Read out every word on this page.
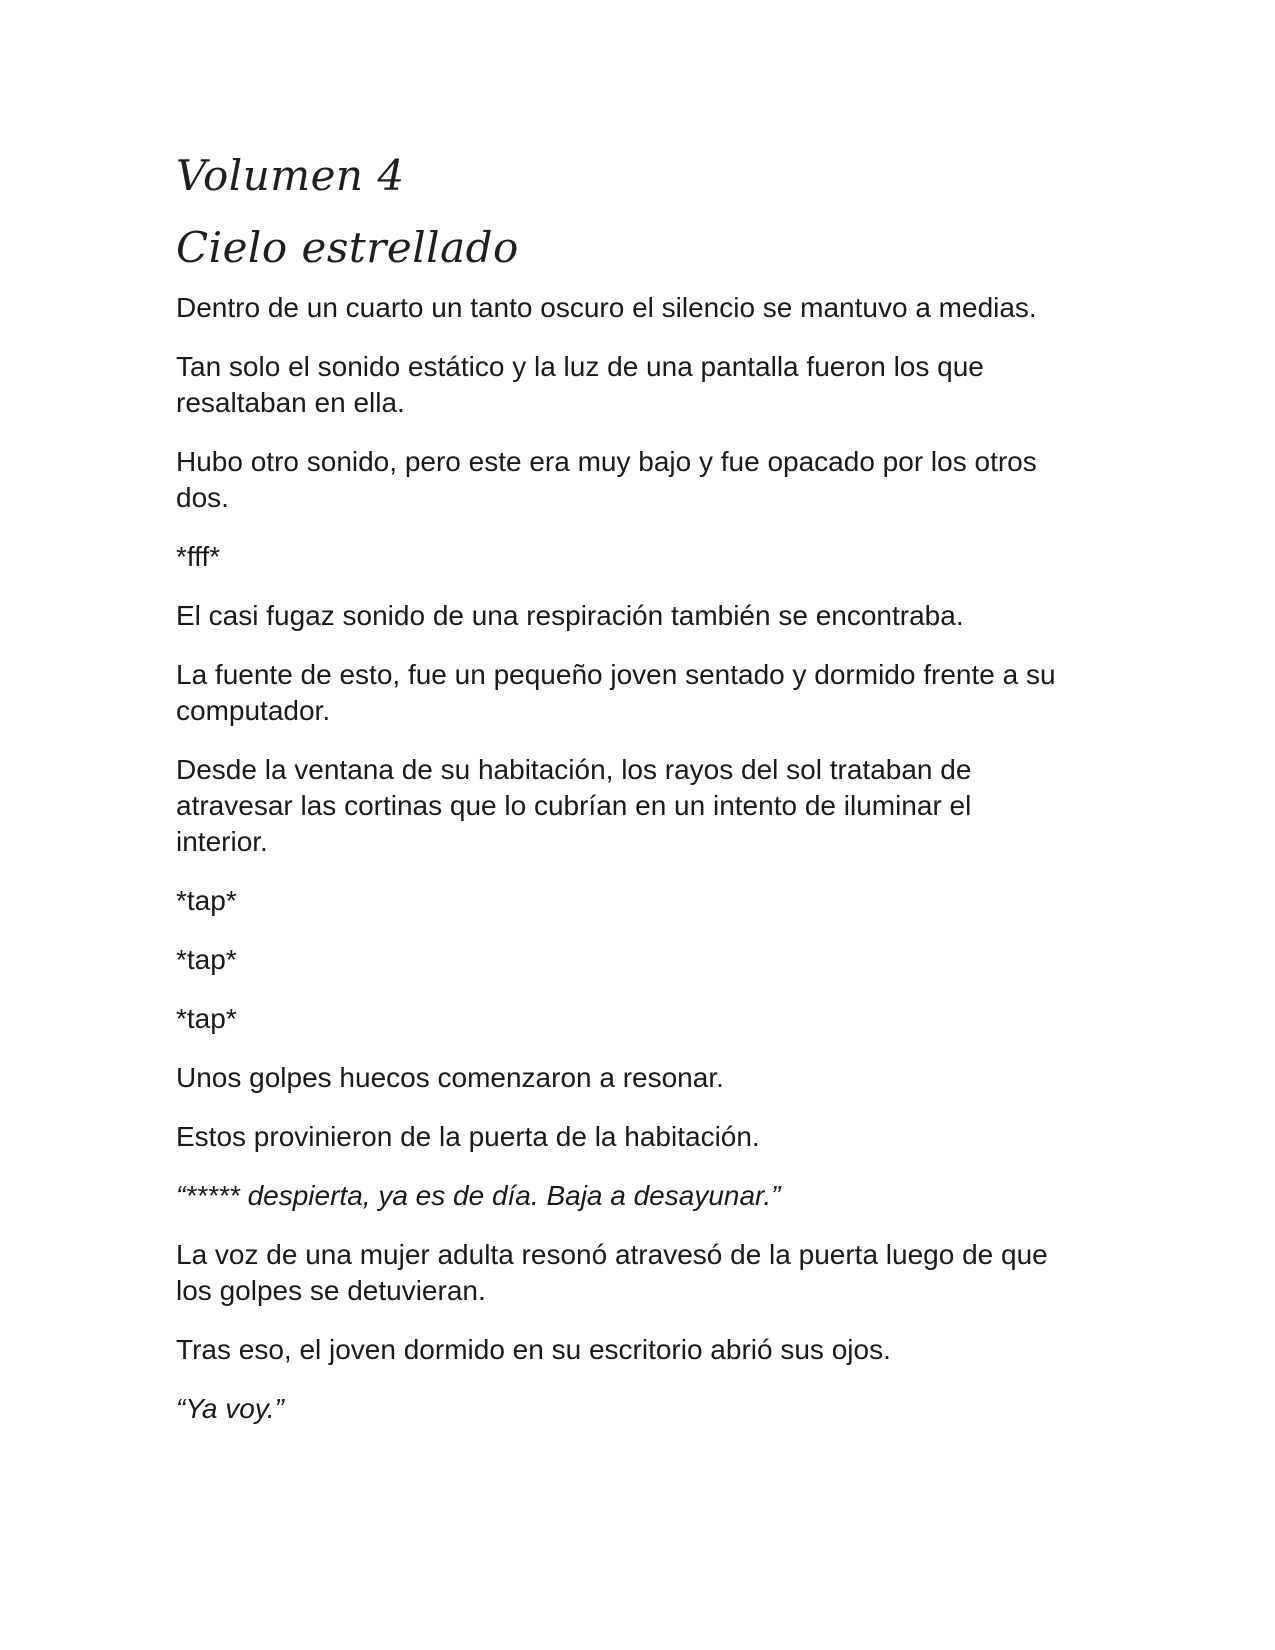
Volumen 4
Cielo estrellado

Dentro de un cuarto un tanto oscuro el silencio se mantuvo a medias.

Tan solo el sonido estático y la luz de una pantalla fueron los que
resaltaban en ella.

Hubo otro sonido, pero este era muy bajo y fue opacado por los otros
dos.

*fff*

El casi fugaz sonido de una respiración también se encontraba.

La fuente de esto, fue un pequeño joven sentado y dormido frente a su
computador.

Desde la ventana de su habitación, los rayos del sol trataban de
atravesar las cortinas que lo cubrían en un intento de iluminar el
interior.

*tap*

*tap*

*tap*

Unos golpes huecos comenzaron a resonar.

Estos provinieron de la puerta de la habitación.

“***** despierta, ya es de día. Baja a desayunar.”

La voz de una mujer adulta resonó atravesó de la puerta luego de que
los golpes se detuvieran.

Tras eso, el joven dormido en su escritorio abrió sus ojos.

“Ya voy.”
